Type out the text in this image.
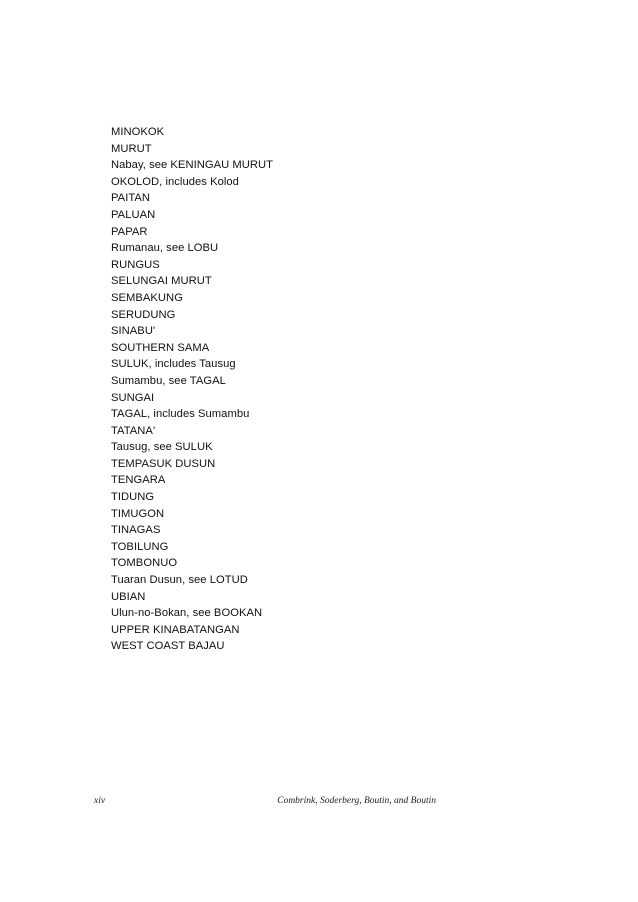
MINOKOK
MURUT
Nabay, see KENINGAU MURUT
OKOLOD, includes Kolod
PAITAN
PALUAN
PAPAR
Rumanau, see LOBU
RUNGUS
SELUNGAI MURUT
SEMBAKUNG
SERUDUNG
SINABU'
SOUTHERN SAMA
SULUK, includes Tausug
Sumambu, see TAGAL
SUNGAI
TAGAL, includes Sumambu
TATANA'
Tausug, see SULUK
TEMPASUK DUSUN
TENGARA
TIDUNG
TIMUGON
TINAGAS
TOBILUNG
TOMBONUO
Tuaran Dusun, see LOTUD
UBIAN
Ulun-no-Bokan, see BOOKAN
UPPER KINABATANGAN
WEST COAST BAJAU
xiv	Combrink, Soderberg, Boutin, and Boutin
